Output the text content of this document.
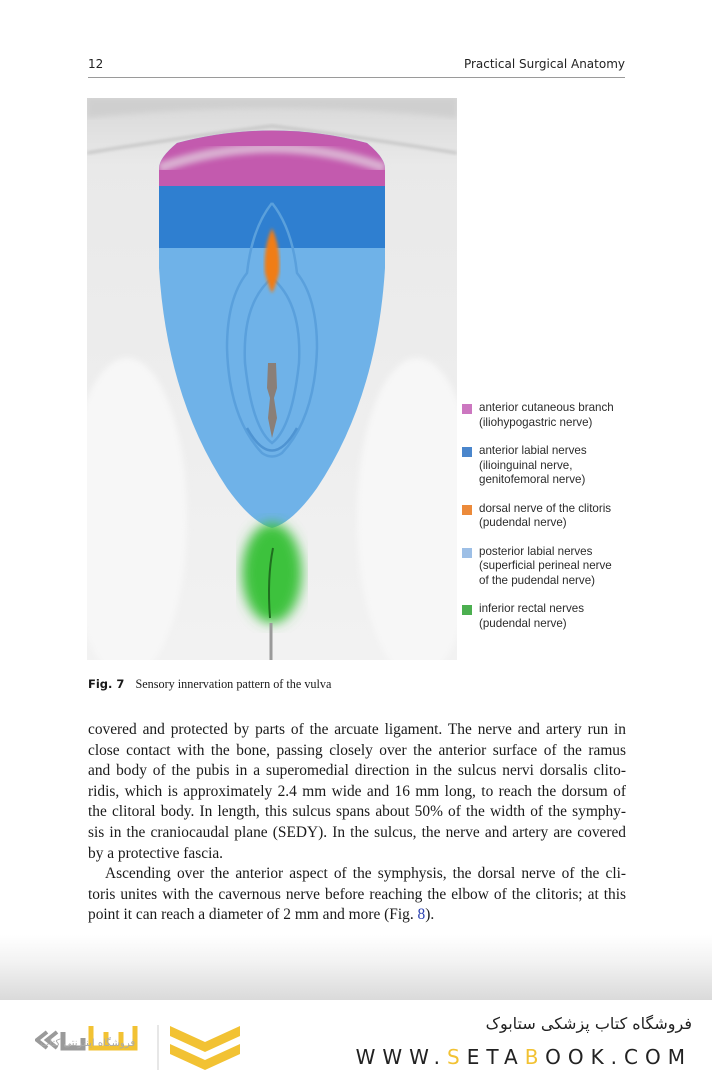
12	Practical Surgical Anatomy
anterior cutaneous branch
(iliohypogastric nerve)
anterior labial nerves
(ilioinguinal nerve,
genitofemoral nerve)
dorsal nerve of the clitoris
(pudendal nerve)
posterior labial nerves
(superficial perineal nerve
of the pudendal nerve)
inferior rectal nerves
(pudendal nerve)
Fig. 7 Sensory innervation pattern of the vulva

covered and protected by parts of the arcuate ligament. The nerve and artery run in
close contact with the bone, passing closely over the anterior surface of the ramus
and body of the pubis in a superomedial direction in the sulcus nervi dorsalis clito-
ridis, which is approximately 2.4 mm wide and 16 mm long, to reach the dorsum of
the clitoral body. In length, this sulcus spans about 50% of the width of the symphy-
sis in the craniocaudal plane (SEDY). In the sulcus, the nerve and artery are covered
by a protective fascia.

Ascending over the anterior aspect of the symphysis, the dorsal nerve of the cli-
toris unites with the cavernous nerve before reaching the elbow of the clitoris; at this
point it can reach a diameter of 2 mm and more (Fig. 8).

فروشگاه اینترنتی کتاب
فروشگاه کتاب پزشکی ستابوک
WWW.SETABOOK.COM
